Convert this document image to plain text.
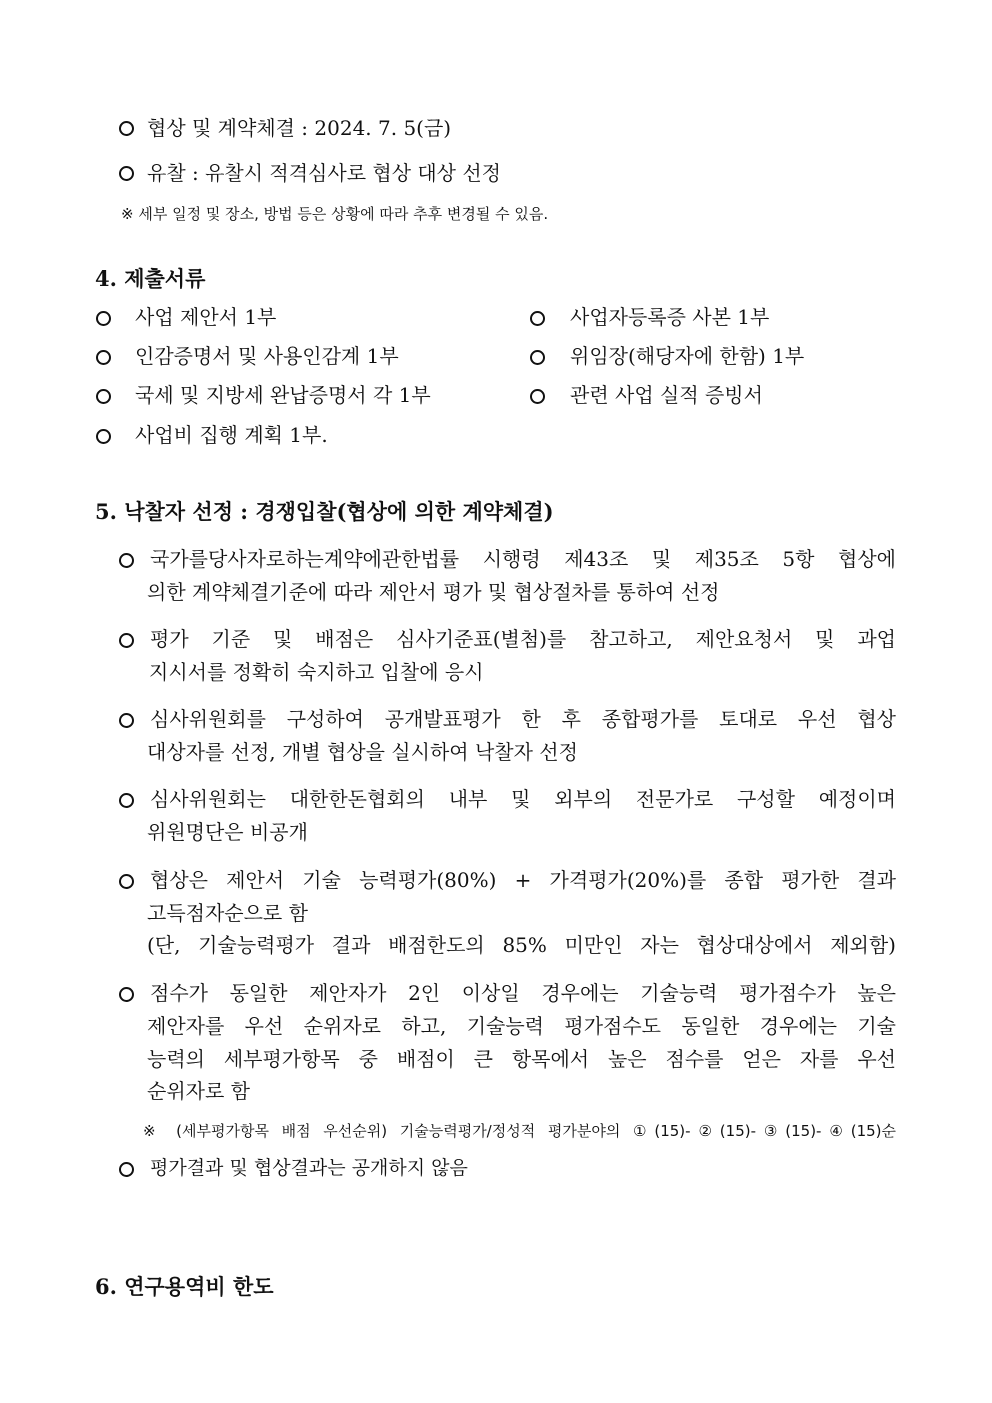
협상 및 계약체결 : 2024. 7. 5(금)
유찰 : 유찰시 적격심사로 협상 대상 선정
※ 세부 일정 및 장소, 방법 등은 상황에 따라 추후 변경될 수 있음.
4. 제출서류
사업 제안서 1부	사업자등록증 사본 1부
인감증명서 및 사용인감계 1부	위임장(해당자에 한함) 1부
국세 및 지방세 완납증명서 각 1부	관련 사업 실적 증빙서
사업비 집행 계획 1부.
5. 낙찰자 선정 : 경쟁입찰(협상에 의한 계약체결)
국가를당사자로하는계약에관한법률 시행령 제43조 및 제35조 5항 협상에
의한 계약체결기준에 따라 제안서 평가 및 협상절차를 통하여 선정
평가 기준 및 배점은 심사기준표(별첨)를 참고하고, 제안요청서 및 과업
지시서를 정확히 숙지하고 입찰에 응시
심사위원회를 구성하여 공개발표평가 한 후 종합평가를 토대로 우선 협상
대상자를 선정, 개별 협상을 실시하여 낙찰자 선정
심사위원회는 대한한돈협회의 내부 및 외부의 전문가로 구성할 예정이며
위원명단은 비공개
협상은 제안서 기술 능력평가(80%) + 가격평가(20%)를 종합 평가한 결과
고득점자순으로 함
(단, 기술능력평가 결과 배점한도의 85% 미만인 자는 협상대상에서 제외함)
점수가 동일한 제안자가 2인 이상일 경우에는 기술능력 평가점수가 높은
제안자를 우선 순위자로 하고, 기술능력 평가점수도 동일한 경우에는 기술
능력의 세부평가항목 중 배점이 큰 항목에서 높은 점수를 얻은 자를 우선
순위자로 함
※ (세부평가항목 배점 우선순위) 기술능력평가/정성적 평가분야의 ①(15)-②(15)-③(15)-④(15)순
평가결과 및 협상결과는 공개하지 않음
6. 연구용역비 한도
